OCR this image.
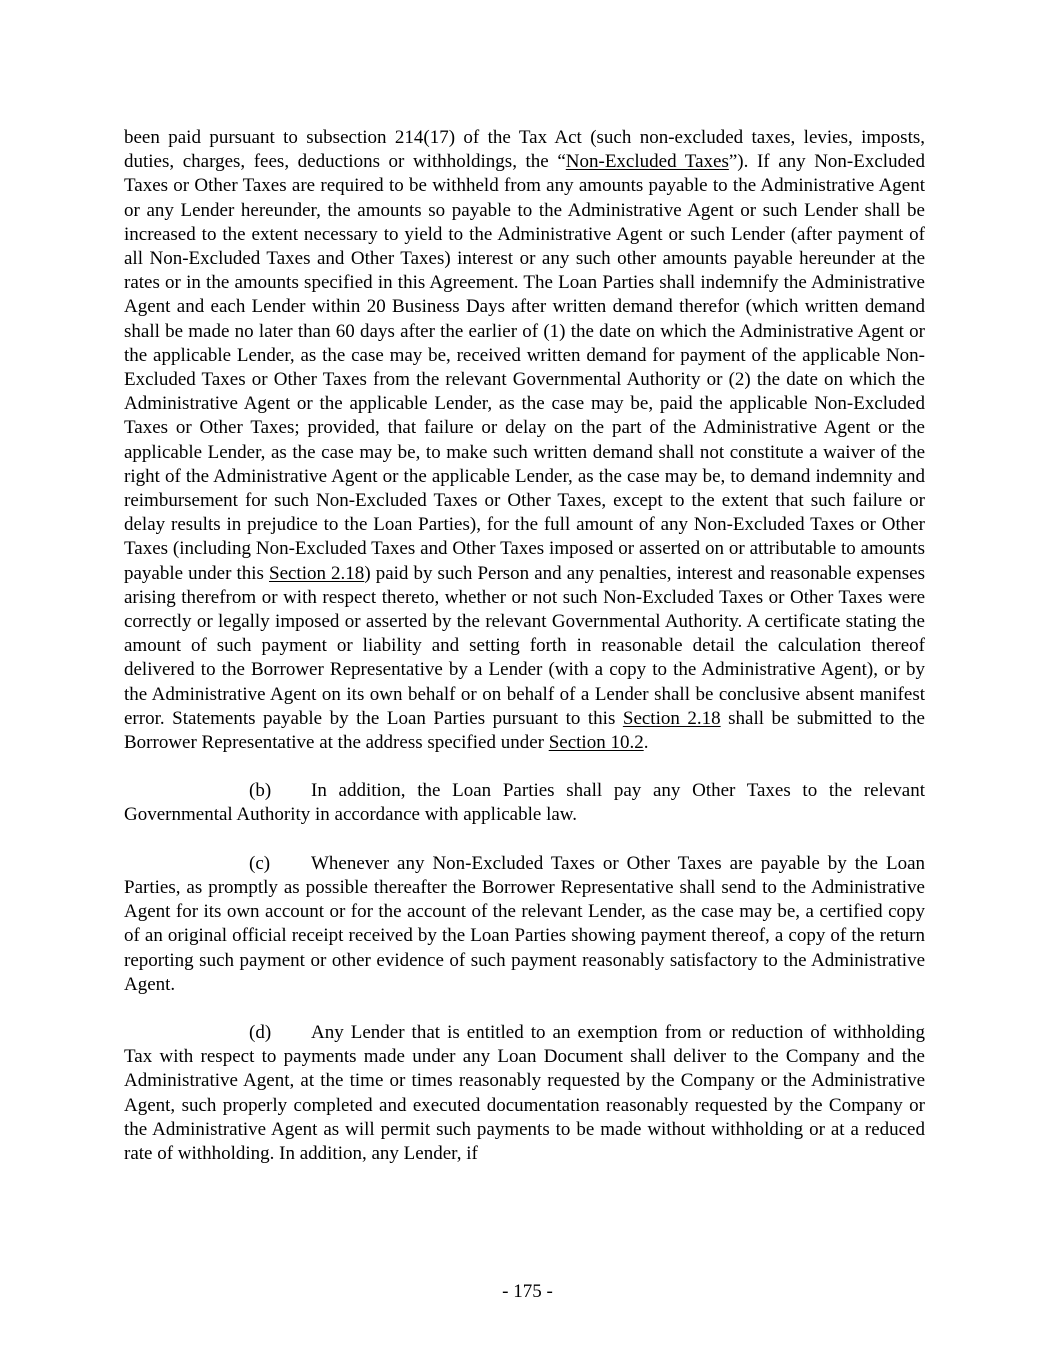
been paid pursuant to subsection 214(17) of the Tax Act (such non-excluded taxes, levies, imposts, duties, charges, fees, deductions or withholdings, the “Non-Excluded Taxes”). If any Non-Excluded Taxes or Other Taxes are required to be withheld from any amounts payable to the Administrative Agent or any Lender hereunder, the amounts so payable to the Administrative Agent or such Lender shall be increased to the extent necessary to yield to the Administrative Agent or such Lender (after payment of all Non-Excluded Taxes and Other Taxes) interest or any such other amounts payable hereunder at the rates or in the amounts specified in this Agreement. The Loan Parties shall indemnify the Administrative Agent and each Lender within 20 Business Days after written demand therefor (which written demand shall be made no later than 60 days after the earlier of (1) the date on which the Administrative Agent or the applicable Lender, as the case may be, received written demand for payment of the applicable Non-Excluded Taxes or Other Taxes from the relevant Governmental Authority or (2) the date on which the Administrative Agent or the applicable Lender, as the case may be, paid the applicable Non-Excluded Taxes or Other Taxes; provided, that failure or delay on the part of the Administrative Agent or the applicable Lender, as the case may be, to make such written demand shall not constitute a waiver of the right of the Administrative Agent or the applicable Lender, as the case may be, to demand indemnity and reimbursement for such Non-Excluded Taxes or Other Taxes, except to the extent that such failure or delay results in prejudice to the Loan Parties), for the full amount of any Non-Excluded Taxes or Other Taxes (including Non-Excluded Taxes and Other Taxes imposed or asserted on or attributable to amounts payable under this Section 2.18) paid by such Person and any penalties, interest and reasonable expenses arising therefrom or with respect thereto, whether or not such Non-Excluded Taxes or Other Taxes were correctly or legally imposed or asserted by the relevant Governmental Authority. A certificate stating the amount of such payment or liability and setting forth in reasonable detail the calculation thereof delivered to the Borrower Representative by a Lender (with a copy to the Administrative Agent), or by the Administrative Agent on its own behalf or on behalf of a Lender shall be conclusive absent manifest error. Statements payable by the Loan Parties pursuant to this Section 2.18 shall be submitted to the Borrower Representative at the address specified under Section 10.2.

(b) In addition, the Loan Parties shall pay any Other Taxes to the relevant Governmental Authority in accordance with applicable law.

(c) Whenever any Non-Excluded Taxes or Other Taxes are payable by the Loan Parties, as promptly as possible thereafter the Borrower Representative shall send to the Administrative Agent for its own account or for the account of the relevant Lender, as the case may be, a certified copy of an original official receipt received by the Loan Parties showing payment thereof, a copy of the return reporting such payment or other evidence of such payment reasonably satisfactory to the Administrative Agent.

(d) Any Lender that is entitled to an exemption from or reduction of withholding Tax with respect to payments made under any Loan Document shall deliver to the Company and the Administrative Agent, at the time or times reasonably requested by the Company or the Administrative Agent, such properly completed and executed documentation reasonably requested by the Company or the Administrative Agent as will permit such payments to be made without withholding or at a reduced rate of withholding. In addition, any Lender, if

- 175 -
